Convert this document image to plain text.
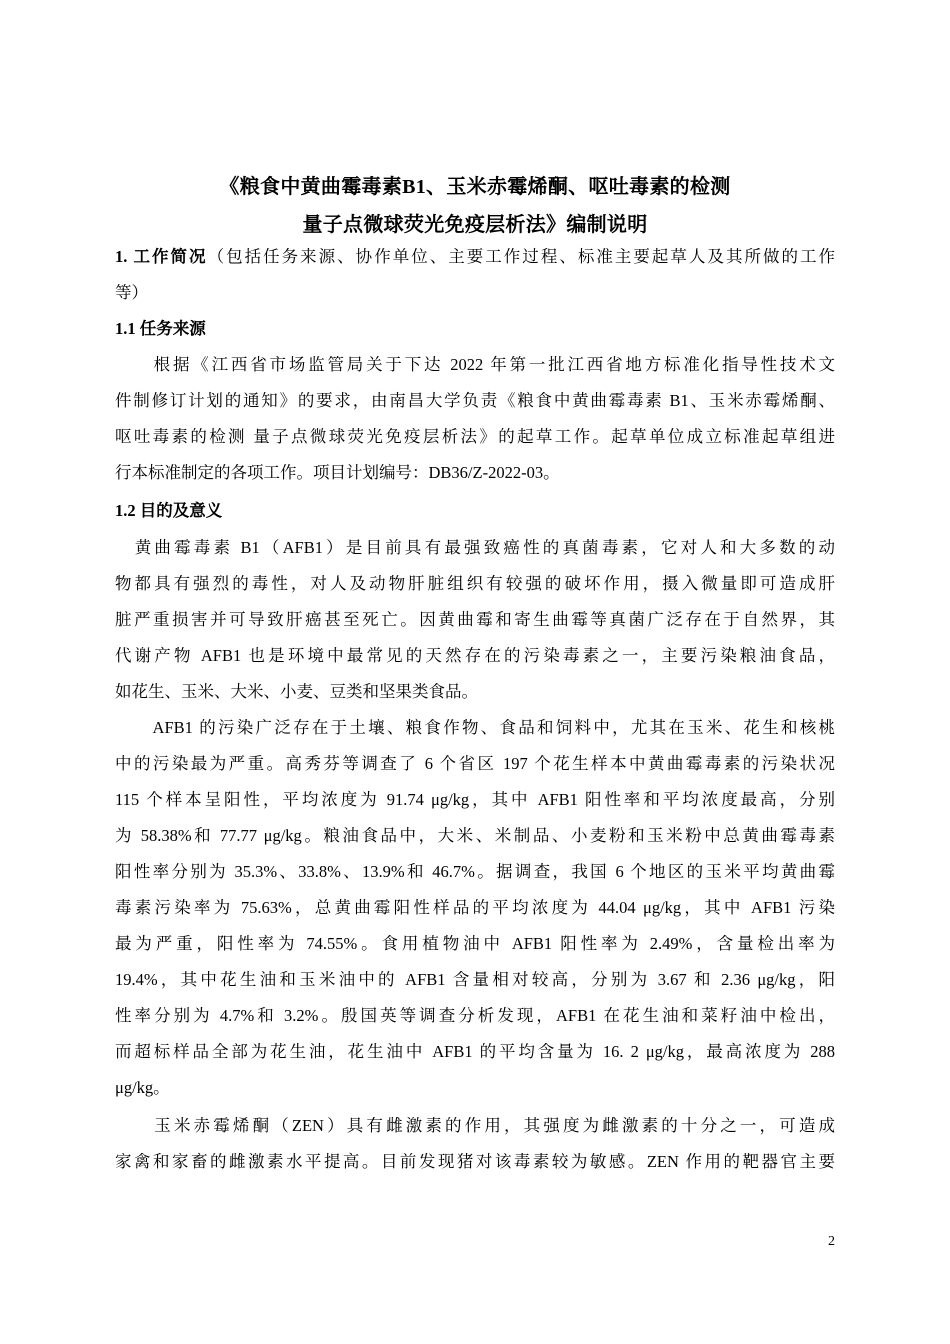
《粮食中黄曲霉毒素B1、玉米赤霉烯酮、呕吐毒素的检测
量子点微球荧光免疫层析法》编制说明
1. 工作简况（包括任务来源、协作单位、主要工作过程、标准主要起草人及其所做的工作
等）
1.1 任务来源
　　根据《江西省市场监管局关于下达 2022 年第一批江西省地方标准化指导性技术文
件制修订计划的通知》的要求，由南昌大学负责《粮食中黄曲霉毒素 B1、玉米赤霉烯酮、
呕吐毒素的检测 量子点微球荧光免疫层析法》的起草工作。起草单位成立标准起草组进
行本标准制定的各项工作。项目计划编号：DB36/Z-2022-03。
1.2 目的及意义
　黄曲霉毒素 B1（AFB1）是目前具有最强致癌性的真菌毒素，它对人和大多数的动
物都具有强烈的毒性，对人及动物肝脏组织有较强的破坏作用，摄入微量即可造成肝
脏严重损害并可导致肝癌甚至死亡。因黄曲霉和寄生曲霉等真菌广泛存在于自然界，其
代谢产物 AFB1 也是环境中最常见的天然存在的污染毒素之一，主要污染粮油食品，
如花生、玉米、大米、小麦、豆类和坚果类食品。
　　AFB1 的污染广泛存在于土壤、粮食作物、食品和饲料中，尤其在玉米、花生和核桃
中的污染最为严重。高秀芬等调查了 6 个省区 197 个花生样本中黄曲霉毒素的污染状况
115 个样本呈阳性，平均浓度为 91.74 μg/kg，其中 AFB1 阳性率和平均浓度最高，分别
为 58.38%和 77.77 μg/kg。粮油食品中，大米、米制品、小麦粉和玉米粉中总黄曲霉毒素
阳性率分别为 35.3%、33.8%、13.9%和 46.7%。据调查，我国 6 个地区的玉米平均黄曲霉
毒素污染率为 75.63%，总黄曲霉阳性样品的平均浓度为 44.04 μg/kg，其中 AFB1 污染
最为严重，阳性率为 74.55%。食用植物油中 AFB1 阳性率为 2.49%，含量检出率为
19.4%，其中花生油和玉米油中的 AFB1 含量相对较高，分别为 3.67 和 2.36 μg/kg，阳
性率分别为 4.7%和 3.2%。殷国英等调查分析发现，AFB1 在花生油和菜籽油中检出，
而超标样品全部为花生油，花生油中 AFB1 的平均含量为 16. 2 μg/kg，最高浓度为 288
μg/kg。
　　玉米赤霉烯酮（ZEN）具有雌激素的作用，其强度为雌激素的十分之一，可造成
家禽和家畜的雌激素水平提高。目前发现猪对该毒素较为敏感。ZEN 作用的靶器官主要
2
